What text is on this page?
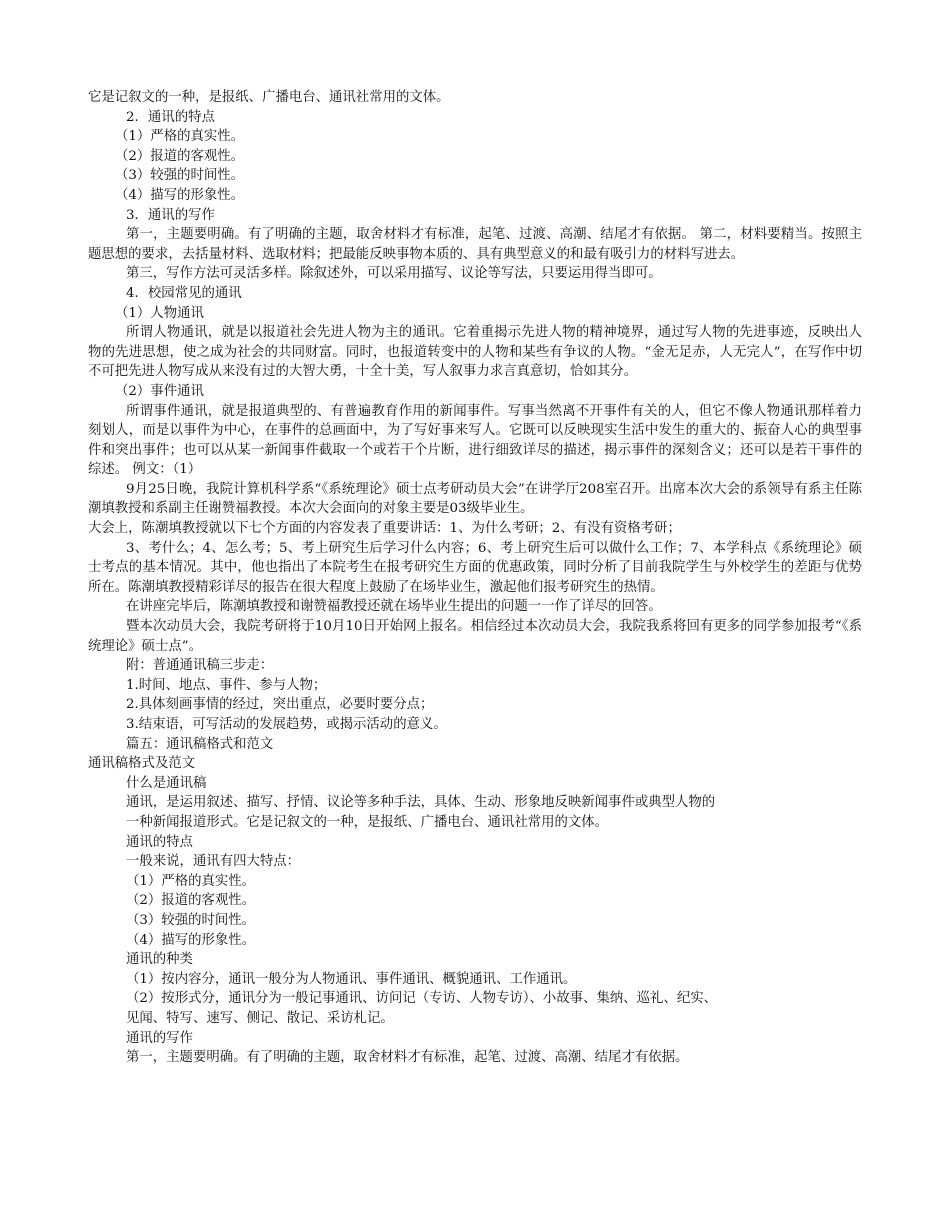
它是记叙文的一种，是报纸、广播电台、通讯社常用的文体。

2．通讯的特点

（1）严格的真实性。

（2）报道的客观性。

（3）较强的时间性。

（4）描写的形象性。

3．通讯的写作

第一，主题要明确。有了明确的主题，取舍材料才有标准，起笔、过渡、高潮、结尾才有依据。 第二，材料要精当。按照主题思想的要求，去括量材料、选取材料；把最能反映事物本质的、具有典型意义的和最有吸引力的材料写进去。

第三，写作方法可灵活多样。除叙述外，可以采用描写、议论等写法，只要运用得当即可。

4．校园常见的通讯

（1）人物通讯

所谓人物通讯，就是以报道社会先进人物为主的通讯。它着重揭示先进人物的精神境界，通过写人物的先进事迹，反映出人物的先进思想，使之成为社会的共同财富。同时，也报道转变中的人物和某些有争议的人物。“金无足赤，人无完人”，在写作中切不可把先进人物写成从来没有过的大智大勇，十全十美，写人叙事力求言真意切，恰如其分。

（2）事件通讯

所谓事件通讯，就是报道典型的、有普遍教育作用的新闻事件。写事当然离不开事件有关的人，但它不像人物通讯那样着力刻划人，而是以事件为中心，在事件的总画面中，为了写好事来写人。它既可以反映现实生活中发生的重大的、振奋人心的典型事件和突出事件；也可以从某一新闻事件截取一个或若干个片断，进行细致详尽的描述，揭示事件的深刻含义；还可以是若干事件的综述。 例文：（1）

9月25日晚，我院计算机科学系“《系统理论》硕士点考研动员大会”在讲学厅208室召开。出席本次大会的系领导有系主任陈潮填教授和系副主任谢赞福教授。本次大会面向的对象主要是03级毕业生。

大会上，陈潮填教授就以下七个方面的内容发表了重要讲话：1、为什么考研；2、有没有资格考研；

3、考什么；4、怎么考；5、考上研究生后学习什么内容；6、考上研究生后可以做什么工作；7、本学科点《系统理论》硕士考点的基本情况。其中，他也指出了本院考生在报考研究生方面的优惠政策，同时分析了目前我院学生与外校学生的差距与优势所在。陈潮填教授精彩详尽的报告在很大程度上鼓励了在场毕业生，激起他们报考研究生的热情。

在讲座完毕后，陈潮填教授和谢赞福教授还就在场毕业生提出的问题一一作了详尽的回答。

暨本次动员大会，我院考研将于10月10日开始网上报名。相信经过本次动员大会，我院我系将回有更多的同学参加报考“《系统理论》硕士点”。

附：普通通讯稿三步走：

1.时间、地点、事件、参与人物；

2.具体刻画事情的经过，突出重点，必要时要分点；

3.结束语，可写活动的发展趋势，或揭示活动的意义。

篇五：通讯稿格式和范文

通讯稿格式及范文

什么是通讯稿

通讯，是运用叙述、描写、抒情、议论等多种手法，具体、生动、形象地反映新闻事件或典型人物的

一种新闻报道形式。它是记叙文的一种，是报纸、广播电台、通讯社常用的文体。

通讯的特点

一般来说，通讯有四大特点：

（1）严格的真实性。

（2）报道的客观性。

（3）较强的时间性。

（4）描写的形象性。

通讯的种类

（1）按内容分，通讯一般分为人物通讯、事件通讯、概貌通讯、工作通讯。

（2）按形式分，通讯分为一般记事通讯、访问记（专访、人物专访）、小故事、集纳、巡礼、纪实、

见闻、特写、速写、侧记、散记、采访札记。

通讯的写作

第一，主题要明确。有了明确的主题，取舍材料才有标准，起笔、过渡、高潮、结尾才有依据。
